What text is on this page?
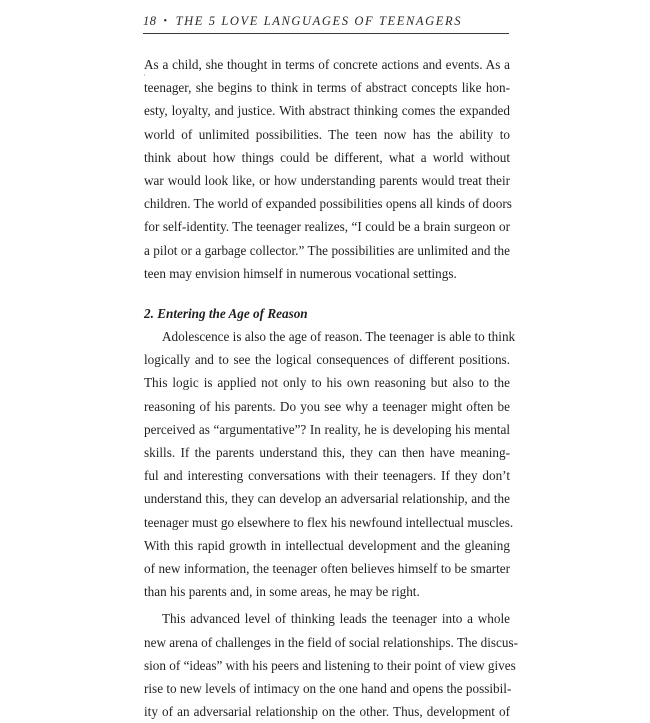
18 • THE 5 LOVE LANGUAGES OF TEENAGERS
·
As a child, she thought in terms of concrete actions and events. As a
teenager, she begins to think in terms of abstract concepts like hon-
esty, loyalty, and justice. With abstract thinking comes the expanded
world of unlimited possibilities. The teen now has the ability to
think about how things could be different, what a world without
war would look like, or how understanding parents would treat their
children. The world of expanded possibilities opens all kinds of doors
for self-identity. The teenager realizes, “I could be a brain surgeon or
a pilot or a garbage collector.” The possibilities are unlimited and the
teen may envision himself in numerous vocational settings.
2. Entering the Age of Reason
Adolescence is also the age of reason. The teenager is able to think
logically and to see the logical consequences of different positions.
This logic is applied not only to his own reasoning but also to the
reasoning of his parents. Do you see why a teenager might often be
perceived as “argumentative”? In reality, he is developing his mental
skills. If the parents understand this, they can then have meaning-
ful and interesting conversations with their teenagers. If they don’t
understand this, they can develop an adversarial relationship, and the
teenager must go elsewhere to flex his newfound intellectual muscles.
With this rapid growth in intellectual development and the gleaning
of new information, the teenager often believes himself to be smarter
than his parents and, in some areas, he may be right.
This advanced level of thinking leads the teenager into a whole
new arena of challenges in the field of social relationships. The discus-
sion of “ideas” with his peers and listening to their point of view gives
rise to new levels of intimacy on the one hand and opens the possibil-
ity of an adversarial relationship on the other. Thus, development of
